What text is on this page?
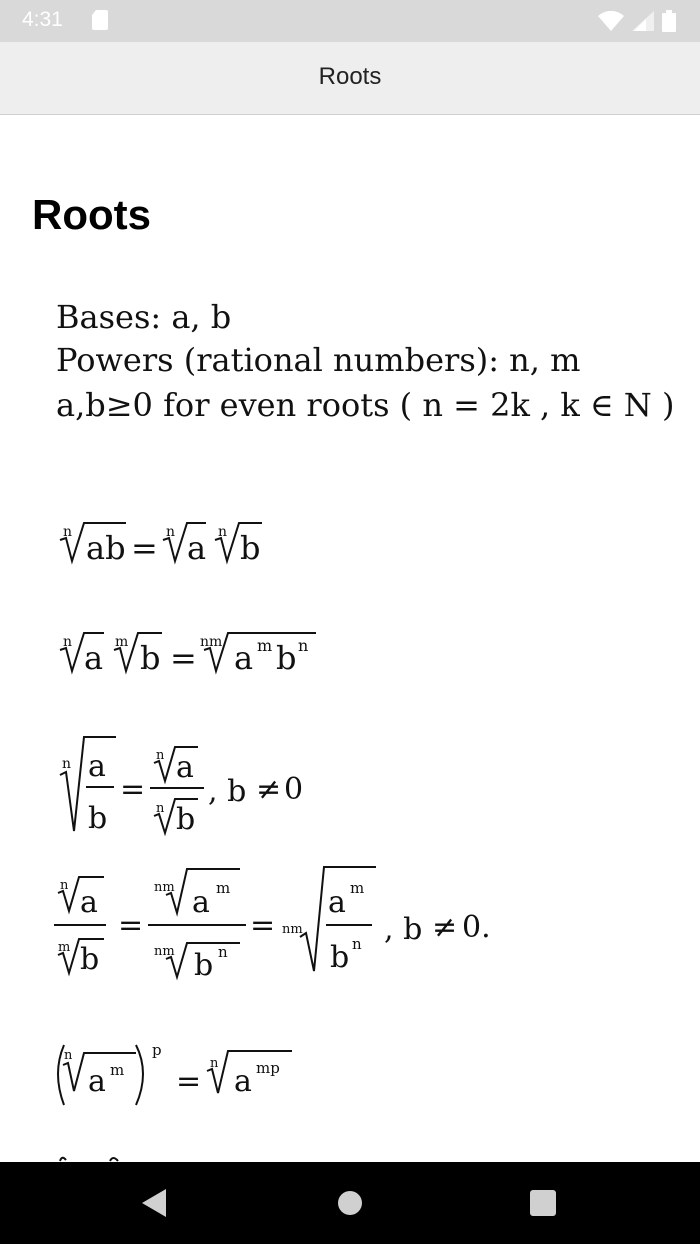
4:31
Roots
Roots
Bases: a, b
Powers (rational numbers): n, m
a,b≥0 for even roots ( n = 2k , k ∈ N )
n ab = n a n b
n a m b = nm a m b n
n a
b
=
n a
n b
, b ≠ 0
n a
m b
=
nm a m
nm b n
= nm
a m
b n , b ≠ 0.
n
a m
p
=
n
a mp
